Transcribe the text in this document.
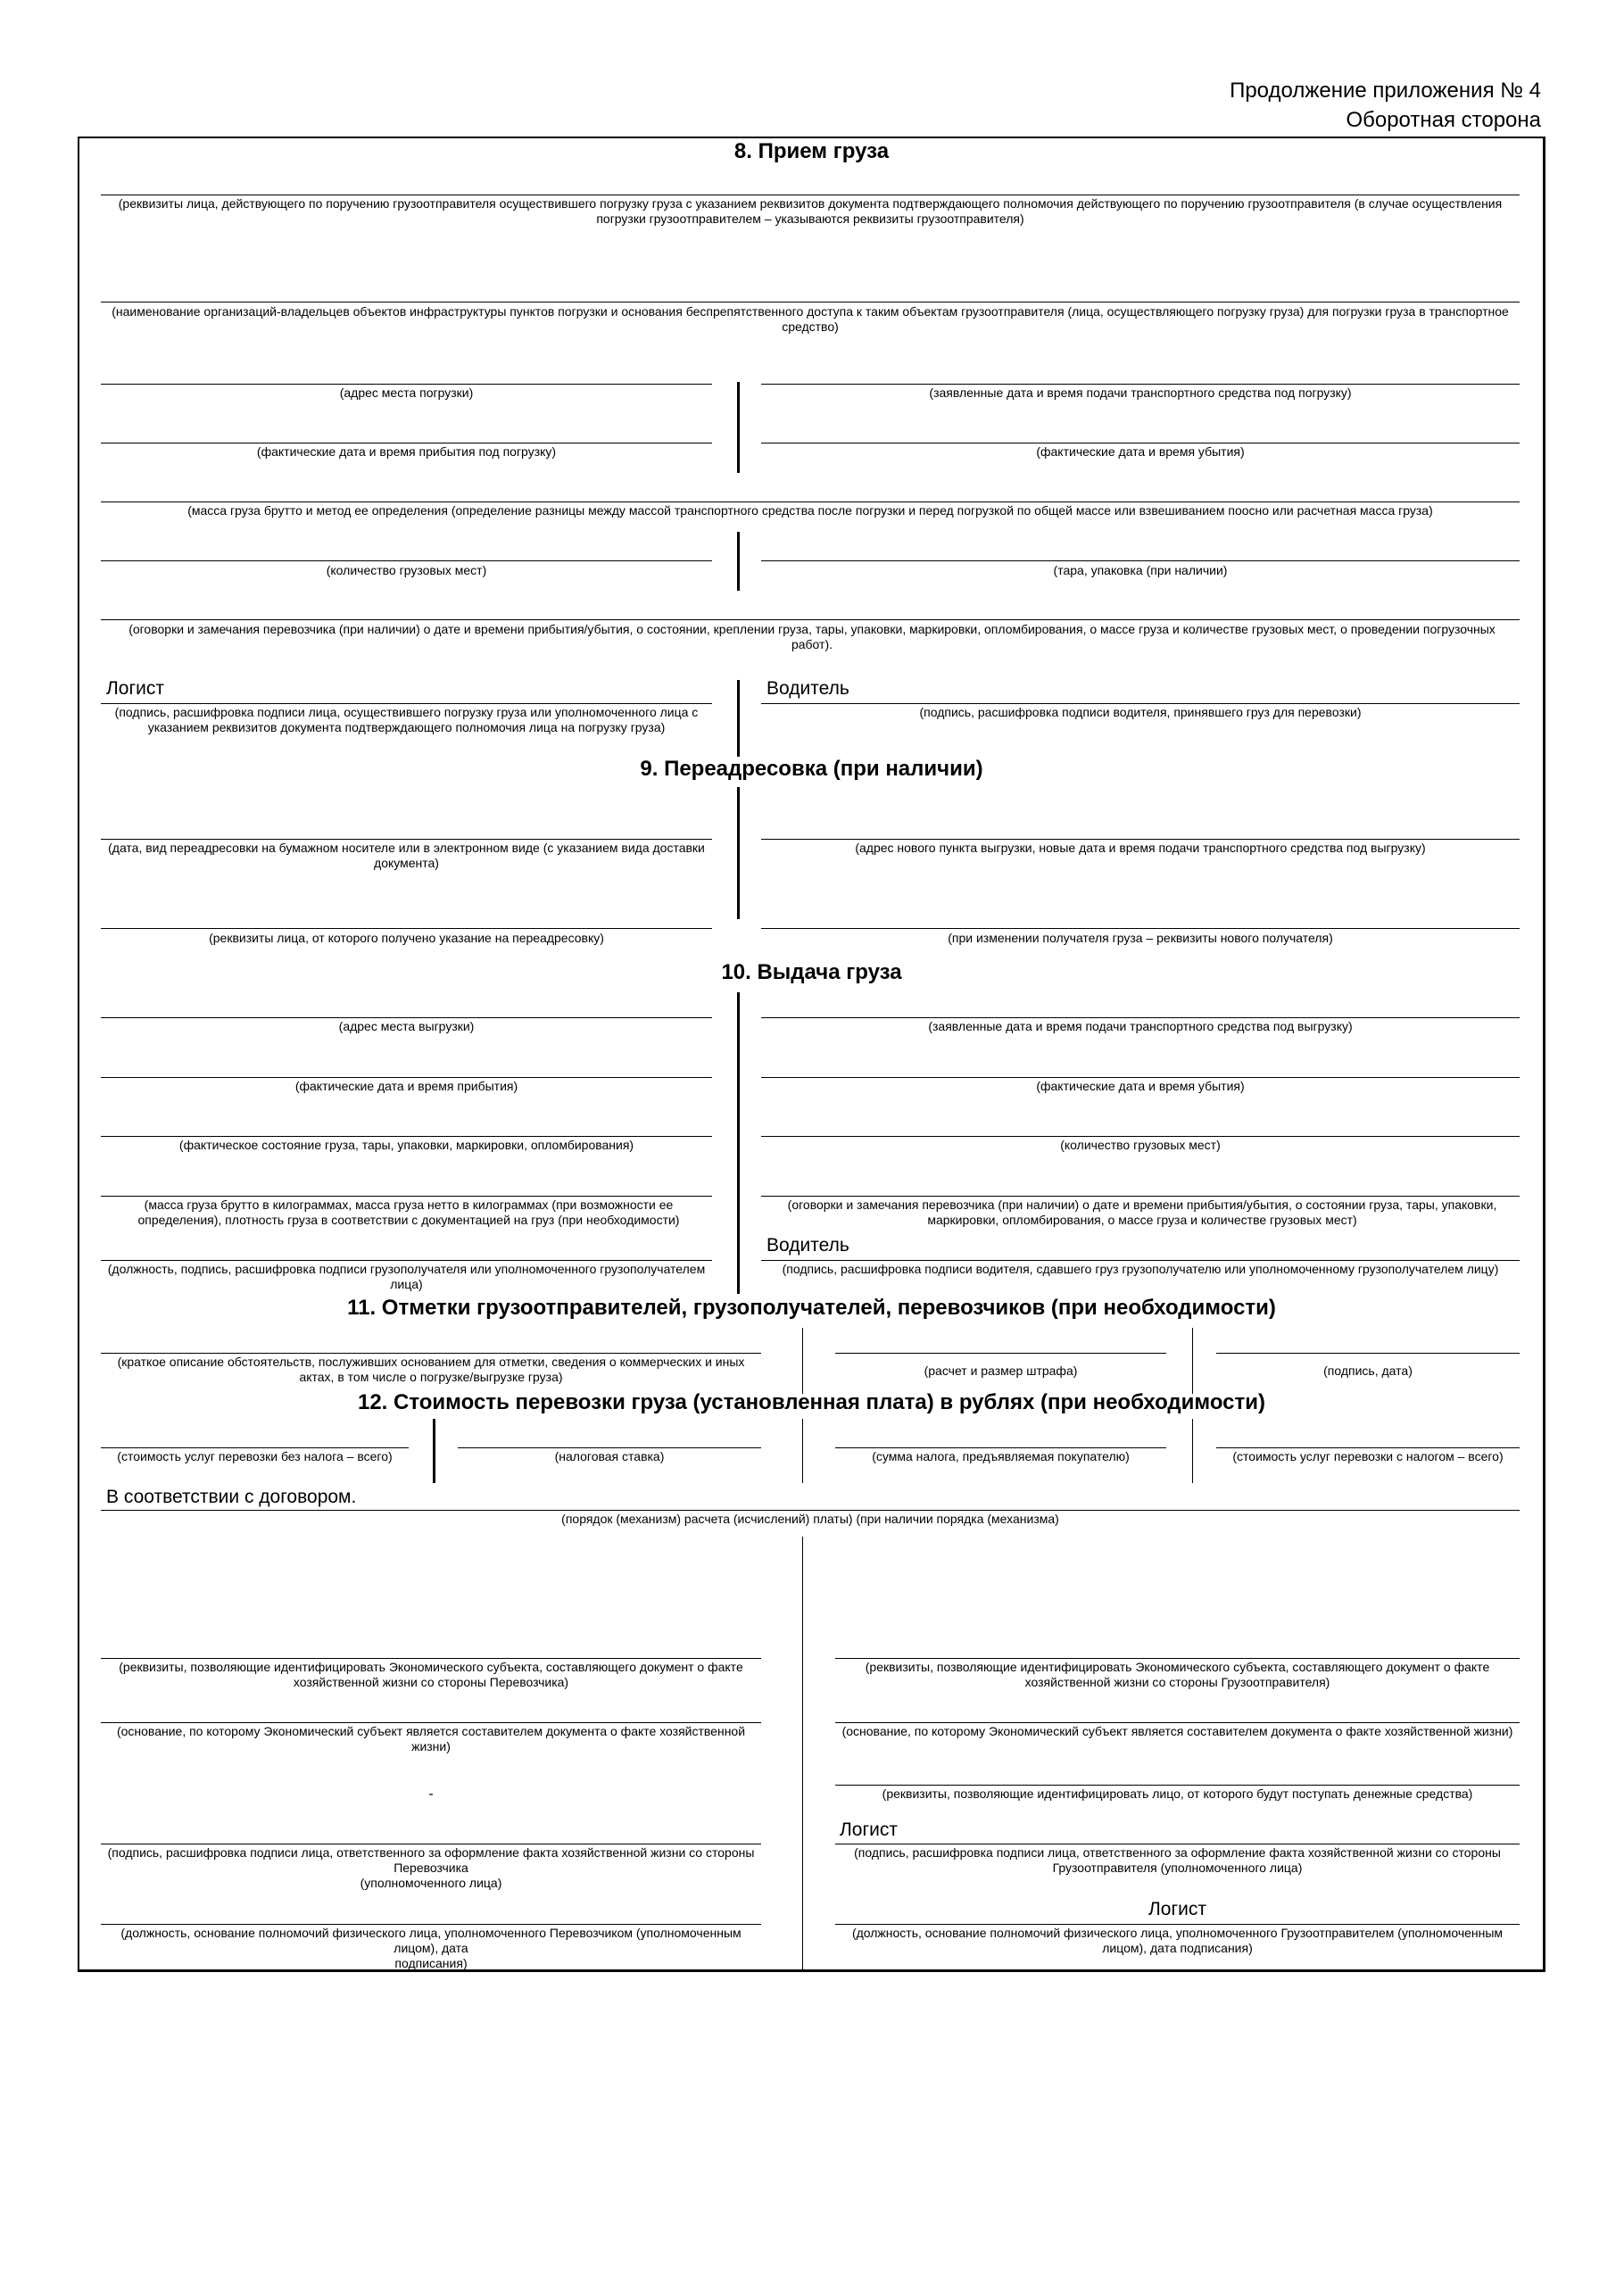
Продолжение приложения № 4
Оборотная сторона
8. Прием груза
(реквизиты лица, действующего по поручению грузоотправителя осуществившего погрузку груза с указанием реквизитов документа подтверждающего полномочия действующего по поручению грузоотправителя (в случае осуществления погрузки грузоотправителем – указываются реквизиты грузоотправителя)
(наименование организаций-владельцев объектов инфраструктуры пунктов погрузки и основания беспрепятственного доступа к таким объектам грузоотправителя (лица, осуществляющего погрузку груза) для погрузки груза в транспортное средство)
(адрес места погрузки)	(заявленные дата и время подачи транспортного средства под погрузку)
(фактические дата и время прибытия под погрузку)	(фактические дата и время убытия)
(масса груза брутто и метод ее определения (определение разницы между массой транспортного средства после погрузки и перед погрузкой по общей массе или взвешиванием поосно или расчетная масса груза)
(количество грузовых мест)	(тара, упаковка (при наличии)
(оговорки и замечания перевозчика (при наличии) о дате и времени прибытия/убытия, о состоянии, креплении груза, тары, упаковки, маркировки, опломбирования, о массе груза и количестве грузовых мест, о проведении погрузочных работ).
Логист
(подпись, расшифровка подписи лица, осуществившего погрузку груза или уполномоченного лица с указанием реквизитов документа подтверждающего полномочия лица на погрузку груза)
Водитель
(подпись, расшифровка подписи водителя, принявшего груз для перевозки)
9. Переадресовка (при наличии)
(дата, вид переадресовки на бумажном носителе или в электронном виде (с указанием вида доставки документа)
(адрес нового пункта выгрузки, новые дата и время подачи транспортного средства под выгрузку)
(реквизиты лица, от которого получено указание на переадресовку)	(при изменении получателя груза – реквизиты нового получателя)
10. Выдача груза
(адрес места выгрузки)	(заявленные дата и время подачи транспортного средства под выгрузку)
(фактические дата и время прибытия)	(фактические дата и время убытия)
(фактическое состояние груза, тары, упаковки, маркировки, опломбирования)	(количество грузовых мест)
(масса груза брутто в килограммах, масса груза нетто в килограммах (при возможности ее определения), плотность груза в соответствии с документацией на груз (при необходимости)
(оговорки и замечания перевозчика (при наличии) о дате и времени прибытия/убытия, о состоянии груза, тары, упаковки, маркировки, опломбирования, о массе груза и количестве грузовых мест)
Водитель
(должность, подпись, расшифровка подписи грузополучателя или уполномоченного грузополучателем лица)
(подпись, расшифровка подписи водителя, сдавшего груз грузополучателю или уполномоченному грузополучателем лицу)
11. Отметки грузоотправителей, грузополучателей, перевозчиков (при необходимости)
(краткое описание обстоятельств, послуживших основанием для отметки, сведения о коммерческих и иных актах, в том числе о погрузке/выгрузке груза)	(расчет и размер штрафа)	(подпись, дата)
12. Стоимость перевозки груза (установленная плата) в рублях (при необходимости)
(стоимость услуг перевозки без налога – всего)	(налоговая ставка)	(сумма налога, предъявляемая покупателю)	(стоимость услуг перевозки с налогом – всего)
В соответствии с договором.
(порядок (механизм) расчета (исчислений) платы) (при наличии порядка (механизма)
(реквизиты, позволяющие идентифицировать Экономического субъекта, составляющего документ о факте хозяйственной жизни со стороны Перевозчика)
(реквизиты, позволяющие идентифицировать Экономического субъекта, составляющего документ о факте хозяйственной жизни со стороны Грузоотправителя)
(основание, по которому Экономический субъект является составителем документа о факте хозяйственной жизни)
(основание, по которому Экономический субъект является составителем документа о факте хозяйственной жизни)
-	(реквизиты, позволяющие идентифицировать лицо, от которого будут поступать денежные средства)
(подпись, расшифровка подписи лица, ответственного за оформление факта хозяйственной жизни со стороны Перевозчика
(уполномоченного лица)
Логист
(подпись, расшифровка подписи лица, ответственного за оформление факта хозяйственной жизни со стороны Грузоотправителя (уполномоченного лица)
(должность, основание полномочий физического лица, уполномоченного Перевозчиком (уполномоченным лицом), дата
подписания)
Логист
(должность, основание полномочий физического лица, уполномоченного Грузоотправителем (уполномоченным лицом), дата подписания)
